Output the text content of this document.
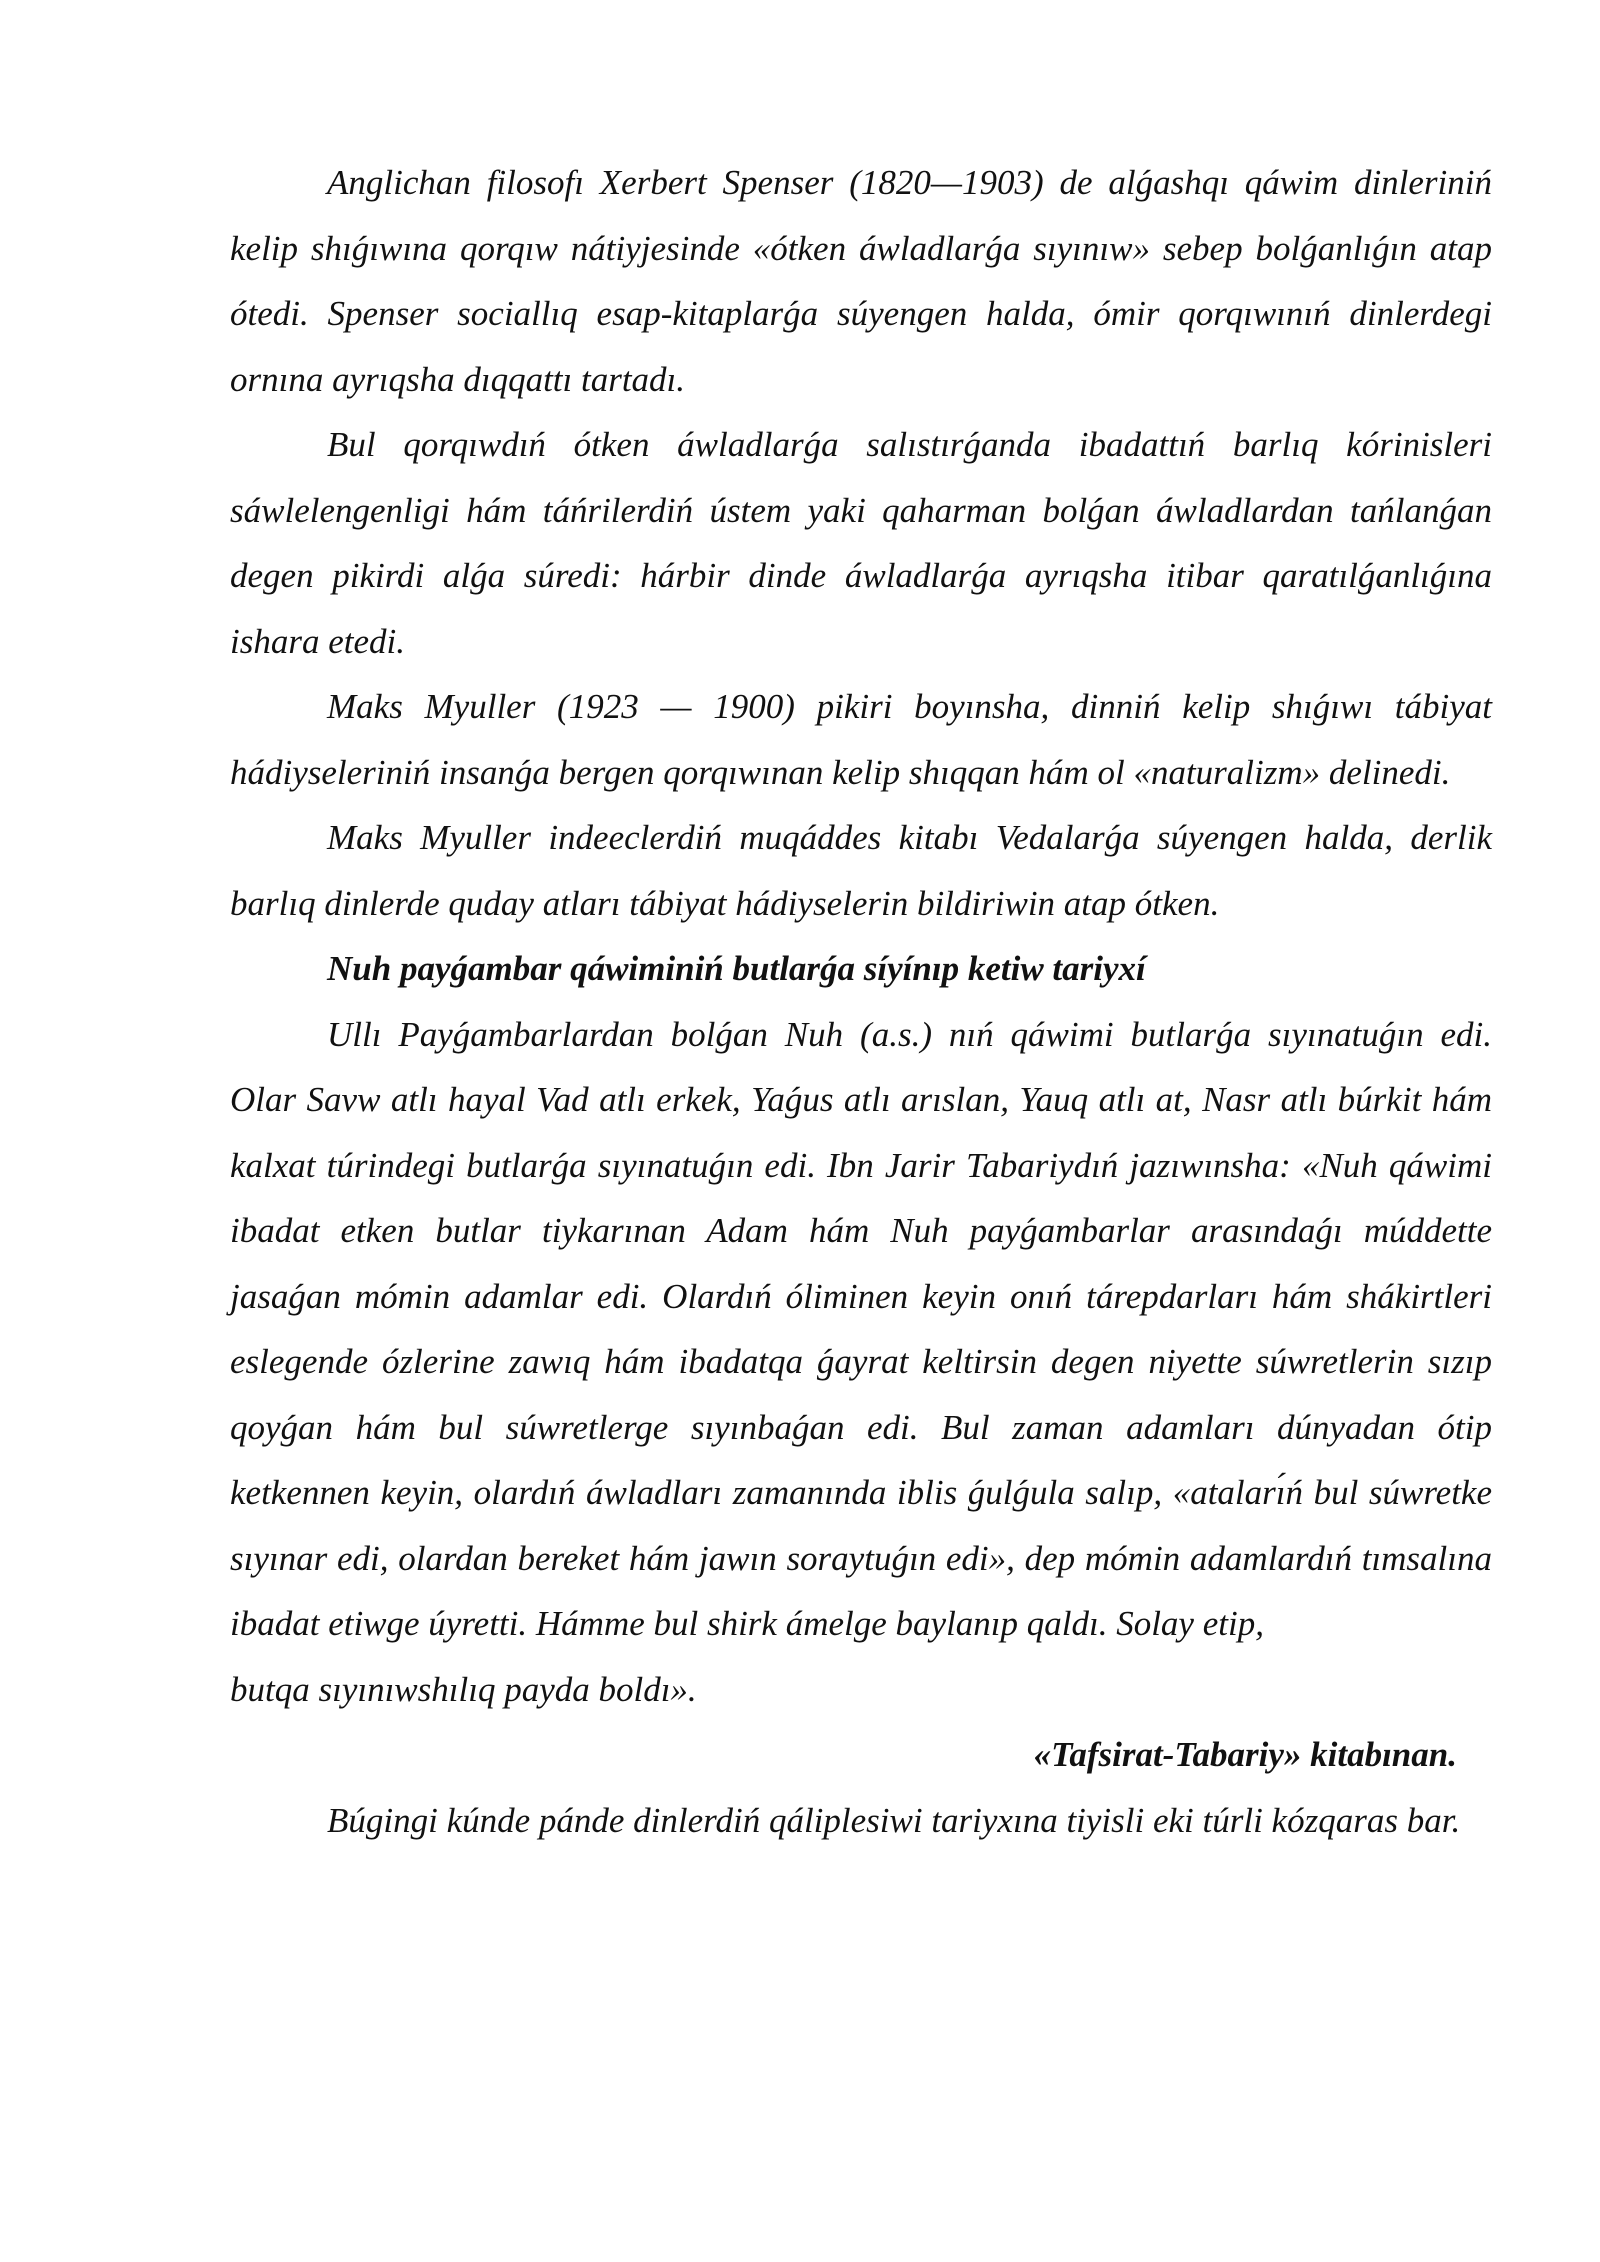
Anglichan filosofı Xerbert Spenser (1820—1903) de alǵashqı qáwim dinleriniń kelip shıǵıwına qorqıw nátiyjesinde «ótken áwladlarǵa sıyınıw» sebep bolǵanlıǵın atap ótedi. Spenser sociallıq esap-kitaplarǵa súyengen halda, ómir qorqıwınıń dinlerdegi ornına ayrıqsha dıqqattı tartadı.

Bul qorqıwdıń ótken áwladlarǵa salıstırǵanda ibadattıń barlıq kórinisleri sáwlelengenligi hám táńrilerdiń ústem yaki qaharman bolǵan áwladlardan tańlanǵan degen pikirdi alǵa súredi: hárbir dinde áwladlarǵa ayrıqsha itibar qaratılǵanlıǵına ishara etedi.

Maks Myuller (1923 — 1900) pikiri boyınsha, dinniń kelip shıǵıwı tábiyat hádiyseleriniń insanǵa bergen qorqıwınan kelip shıqqan hám ol «naturalizm» delinedi.

Maks Myuller indeeclerdiń muqáddes kitabı Vedalarǵa súyengen halda, derlik barlıq dinlerde quday atları tábiyat hádiyselerin bildiriwin atap ótken.

Nuh payǵambar qáwiminiń butlarǵa síyínıp ketiw tariyxí

Ullı Payǵambarlardan bolǵan Nuh (a.s.) nıń qáwimi butlarǵa sıyınatuǵın edi. Olar Savw atlı hayal Vad atlı erkek, Yaǵus atlı arıslan, Yauq atlı at, Nasr atlı búrkit hám kalxat túrindegi butlarǵa sıyınatuǵın edi. Ibn Jarir Tabariydıń jazıwınsha: «Nuh qáwimi ibadat etken butlar tiykarınan Adam hám Nuh payǵambarlar arasındaǵı múddette jasaǵan mómin adamlar edi. Olardıń óliminen keyin onıń tárepdarları hám shákirtleri eslegende ózlerine zawıq hám ibadatqa ǵayrat keltirsin degen niyette súwretlerin sızıp qoyǵan hám bul súwretlerge sıyınbaǵan edi. Bul zaman adamları dúnyadan ótip ketkennen keyin, olardıń áwladları zamanında iblis ǵulǵula salıp, «ataları́ń bul súwretke sıyınar edi, olardan bereket hám jawın soraytuǵın edi», dep mómin adamlardıń tımsalına ibadat etiwge úyretti. Hámme bul shirk ámelge baylanıp qaldı. Solay etip,

butqa sıyınıwshılıq payda boldı».

«Tafsirat-Tabariy» kitabınan.

Búgingi kúnde pánde dinlerdiń qáliplesiwi tariyxına tiyisli eki túrli kózqaras bar.
